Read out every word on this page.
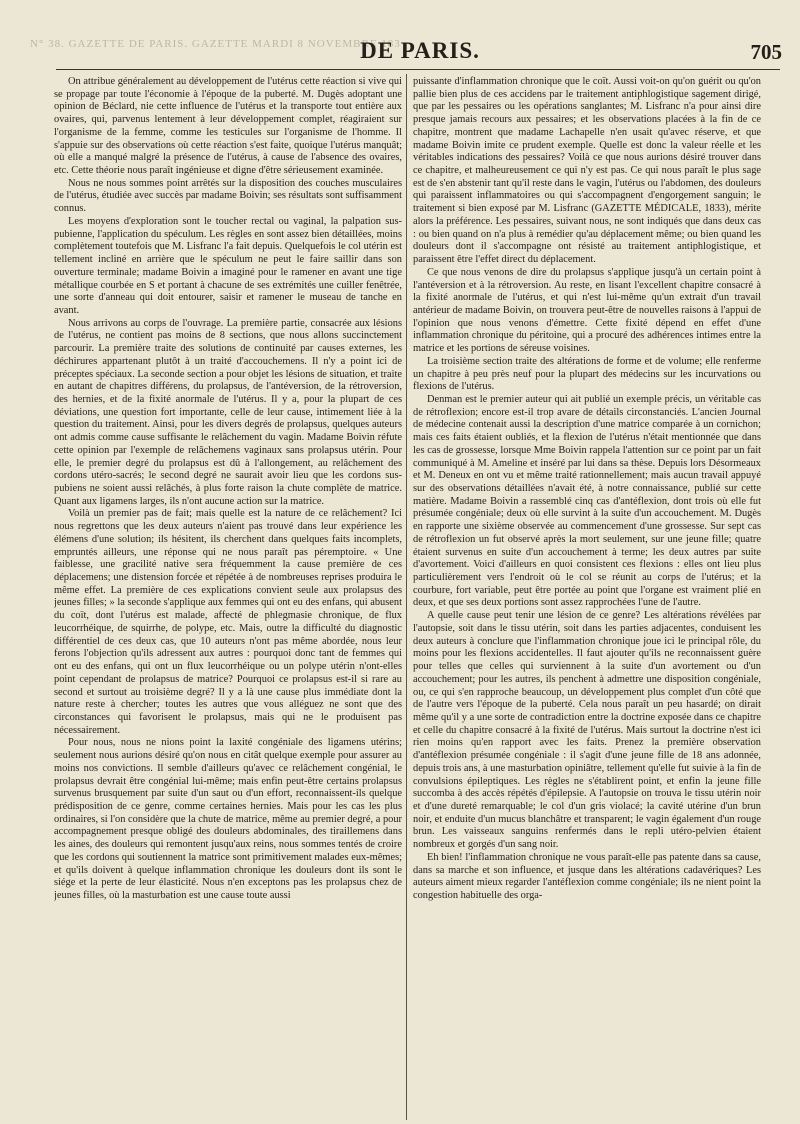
N° 38. GAZETTE DE PARIS. GAZETTE MARDI 8 NOVEMBRE 183
DE PARIS.	705

On attribue généralement au développement de l'utérus cette réaction si vive qui se propage par toute l'économie à l'époque de la puberté. M. Dugès adoptant une opinion de Béclard, nie cette influence de l'utérus et la transporte tout entière aux ovaires, qui, parvenus lentement à leur développement complet, réagiraient sur l'organisme de la femme, comme les testicules sur l'organisme de l'homme. Il s'appuie sur des observations où cette réaction s'est faite, quoique l'utérus manquât; où elle a manqué malgré la présence de l'utérus, à cause de l'absence des ovaires, etc. Cette théorie nous paraît ingénieuse et digne d'être sérieusement examinée.

Nous ne nous sommes point arrêtés sur la disposition des couches musculaires de l'utérus, étudiée avec succès par madame Boivin; ses résultats sont suffisamment connus.

Les moyens d'exploration sont le toucher rectal ou vaginal, la palpation sus-pubienne, l'application du spéculum. Les règles en sont assez bien détaillées, moins complètement toutefois que M. Lisfranc l'a fait depuis. Quelquefois le col utérin est tellement incliné en arrière que le spéculum ne peut le faire saillir dans son ouverture terminale; madame Boivin a imaginé pour le ramener en avant une tige métallique courbée en S et portant à chacune de ses extrémités une cuiller fenêtrée, une sorte d'anneau qui doit entourer, saisir et ramener le museau de tanche en avant.

Nous arrivons au corps de l'ouvrage. La première partie, consacrée aux lésions de l'utérus, ne contient pas moins de 8 sections, que nous allons succinctement parcourir. La première traite des solutions de continuité par causes externes, les déchirures appartenant plutôt à un traité d'accouchemens. Il n'y a point ici de préceptes spéciaux. La seconde section a pour objet les lésions de situation, et traite en autant de chapitres différens, du prolapsus, de l'antéversion, de la rétroversion, des hernies, et de la fixité anormale de l'utérus. Il y a, pour la plupart de ces déviations, une question fort importante, celle de leur cause, intimement liée à la question du traitement. Ainsi, pour les divers degrés de prolapsus, quelques auteurs ont admis comme cause suffisante le relâchement du vagin. Madame Boivin réfute cette opinion par l'exemple de relâchemens vaginaux sans prolapsus utérin. Pour elle, le premier degré du prolapsus est dû à l'allongement, au relâchement des cordons utéro-sacrés; le second degré ne saurait avoir lieu que les cordons sus-pubiens ne soient aussi relâchés, à plus forte raison la chute complète de matrice. Quant aux ligamens larges, ils n'ont aucune action sur la matrice.

Voilà un premier pas de fait; mais quelle est la nature de ce relâchement? Ici nous regrettons que les deux auteurs n'aient pas trouvé dans leur expérience les élémens d'une solution; ils hésitent, ils cherchent dans quelques faits incomplets, empruntés ailleurs, une réponse qui ne nous paraît pas péremptoire. « Une faiblesse, une gracilité native sera fréquemment la cause première de ces déplacemens; une distension forcée et répétée à de nombreuses reprises produira le même effet. La première de ces explications convient seule aux prolapsus des jeunes filles; » la seconde s'applique aux femmes qui ont eu des enfans, qui abusent du coït, dont l'utérus est malade, affecté de phlegmasie chronique, de flux leucorrhéique, de squirrhe, de polype, etc. Mais, outre la difficulté du diagnostic différentiel de ces deux cas, que 10 auteurs n'ont pas même abordée, nous leur ferons l'objection qu'ils adressent aux autres : pourquoi donc tant de femmes qui ont eu des enfans, qui ont un flux leucorrhéique ou un polype utérin n'ont-elles point cependant de prolapsus de matrice? Pourquoi ce prolapsus est-il si rare au second et surtout au troisième degré? Il y a là une cause plus immédiate dont la nature reste à chercher; toutes les autres que vous alléguez ne sont que des circonstances qui favorisent le prolapsus, mais qui ne le produisent pas nécessairement.

Pour nous, nous ne nions point la laxité congéniale des ligamens utérins; seulement nous aurions désiré qu'on nous en citât quelque exemple pour assurer au moins nos convictions. Il semble d'ailleurs qu'avec ce relâchement congénial, le prolapsus devrait être congénial lui-même; mais enfin peut-être certains prolapsus survenus brusquement par suite d'un saut ou d'un effort, reconnaissent-ils quelque prédisposition de ce genre, comme certaines hernies. Mais pour les cas les plus ordinaires, si l'on considère que la chute de matrice, même au premier degré, a pour accompagnement presque obligé des douleurs abdominales, des tiraillemens dans les aines, des douleurs qui remontent jusqu'aux reins, nous sommes tentés de croire que les cordons qui soutiennent la matrice sont primitivement malades eux-mêmes; et qu'ils doivent à quelque inflammation chronique les douleurs dont ils sont le siége et la perte de leur élasticité. Nous n'en exceptons pas les prolapsus chez de jeunes filles, où la masturbation est une cause toute aussi

puissante d'inflammation chronique que le coït. Aussi voit-on qu'on guérit ou qu'on pallie bien plus de ces accidens par le traitement antiphlogistique sagement dirigé, que par les pessaires ou les opérations sanglantes; M. Lisfranc n'a pour ainsi dire presque jamais recours aux pessaires; et les observations placées à la fin de ce chapitre, montrent que madame Lachapelle n'en usait qu'avec réserve, et que madame Boivin imite ce prudent exemple. Quelle est donc la valeur réelle et les véritables indications des pessaires? Voilà ce que nous aurions désiré trouver dans ce chapitre, et malheureusement ce qui n'y est pas. Ce qui nous paraît le plus sage est de s'en abstenir tant qu'il reste dans le vagin, l'utérus ou l'abdomen, des douleurs qui paraissent inflammatoires ou qui s'accompagnent d'engorgement sanguin; le traitement si bien exposé par M. Lisfranc (GAZETTE MÉDICALE, 1833), mérite alors la préférence. Les pessaires, suivant nous, ne sont indiqués que dans deux cas : ou bien quand on n'a plus à remédier qu'au déplacement même; ou bien quand les douleurs dont il s'accompagne ont résisté au traitement antiphlogistique, et paraissent être l'effet direct du déplacement.

Ce que nous venons de dire du prolapsus s'applique jusqu'à un certain point à l'antéversion et à la rétroversion. Au reste, en lisant l'excellent chapitre consacré à la fixité anormale de l'utérus, et qui n'est lui-même qu'un extrait d'un travail antérieur de madame Boivin, on trouvera peut-être de nouvelles raisons à l'appui de l'opinion que nous venons d'émettre. Cette fixité dépend en effet d'une inflammation chronique du péritoine, qui a procuré des adhérences intimes entre la matrice et les portions de séreuse voisines.

La troisième section traite des altérations de forme et de volume; elle renferme un chapitre à peu près neuf pour la plupart des médecins sur les incurvations ou flexions de l'utérus.

Denman est le premier auteur qui ait publié un exemple précis, un véritable cas de rétroflexion; encore est-il trop avare de détails circonstanciés. L'ancien Journal de médecine contenait aussi la description d'une matrice comparée à un cornichon; mais ces faits étaient oubliés, et la flexion de l'utérus n'était mentionnée que dans les cas de grossesse, lorsque Mme Boivin rappela l'attention sur ce point par un fait communiqué à M. Ameline et inséré par lui dans sa thèse. Depuis lors Désormeaux et M. Deneux en ont vu et même traité rationnellement; mais aucun travail appuyé sur des observations détaillées n'avait été, à notre connaissance, publié sur cette matière. Madame Boivin a rassemblé cinq cas d'antéflexion, dont trois où elle fut présumée congéniale; deux où elle survint à la suite d'un accouchement. M. Dugès en rapporte une sixième observée au commencement d'une grossesse. Sur sept cas de rétroflexion un fut observé après la mort seulement, sur une jeune fille; quatre étaient survenus en suite d'un accouchement à terme; les deux autres par suite d'avortement. Voici d'ailleurs en quoi consistent ces flexions : elles ont lieu plus particulièrement vers l'endroit où le col se réunit au corps de l'utérus; et la courbure, fort variable, peut être portée au point que l'organe est vraiment plié en deux, et que ses deux portions sont assez rapprochées l'une de l'autre.

A quelle cause peut tenir une lésion de ce genre? Les altérations révélées par l'autopsie, soit dans le tissu utérin, soit dans les parties adjacentes, conduisent les deux auteurs à conclure que l'inflammation chronique joue ici le principal rôle, du moins pour les flexions accidentelles. Il faut ajouter qu'ils ne reconnaissent guère pour telles que celles qui surviennent à la suite d'un avortement ou d'un accouchement; pour les autres, ils penchent à admettre une disposition congéniale, ou, ce qui s'en rapproche beaucoup, un développement plus complet d'un côté que de l'autre vers l'époque de la puberté. Cela nous paraît un peu hasardé; on dirait même qu'il y a une sorte de contradiction entre la doctrine exposée dans ce chapitre et celle du chapitre consacré à la fixité de l'utérus. Mais surtout la doctrine n'est ici rien moins qu'en rapport avec les faits. Prenez la première observation d'antéflexion présumée congéniale : il s'agit d'une jeune fille de 18 ans adonnée, depuis trois ans, à une masturbation opiniâtre, tellement qu'elle fut suivie à la fin de convulsions épileptiques. Les règles ne s'établirent point, et enfin la jeune fille succomba à des accès répétés d'épilepsie. A l'autopsie on trouva le tissu utérin noir et d'une dureté remarquable; le col d'un gris violacé; la cavité utérine d'un brun noir, et enduite d'un mucus blanchâtre et transparent; le vagin également d'un rouge brun. Les vaisseaux sanguins renfermés dans le repli utéro-pelvien étaient nombreux et gorgés d'un sang noir.

Eh bien! l'inflammation chronique ne vous paraît-elle pas patente dans sa cause, dans sa marche et son influence, et jusque dans les altérations cadavériques? Les auteurs aiment mieux regarder l'antéflexion comme congéniale; ils ne nient point la congestion habituelle des orga-
